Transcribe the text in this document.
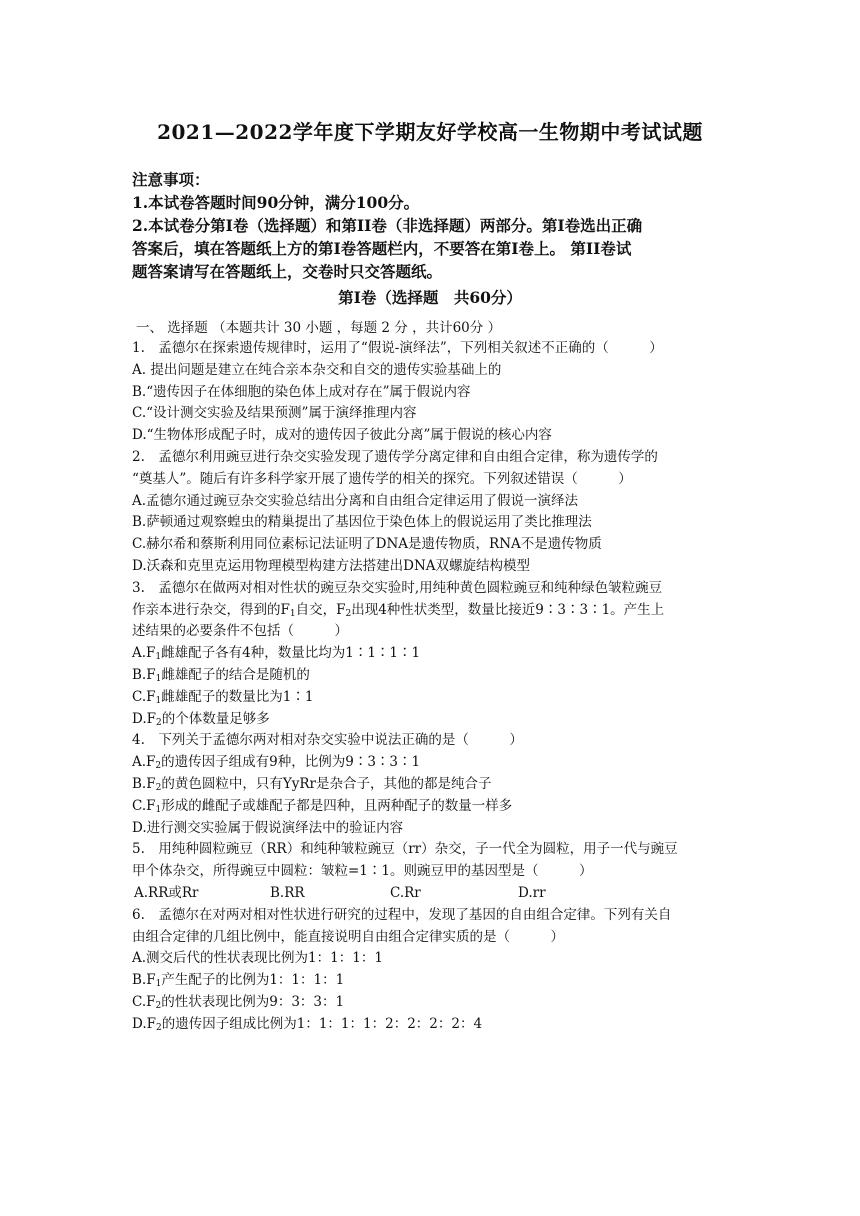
2021—2022学年度下学期友好学校高一生物期中考试试题
注意事项：
1.本试卷答题时间90分钟，满分100分。
2.本试卷分第Ⅰ卷（选择题）和第II卷（非选择题）两部分。第Ⅰ卷选出正确
答案后，填在答题纸上方的第Ⅰ卷答题栏内，不要答在第Ⅰ卷上。 第II卷试
题答案请写在答题纸上，交卷时只交答题纸。
第Ⅰ卷（选择题　共60分）
一、 选择题 （本题共计 30 小题 ，每题 2 分 ，共计60分 ）
1.　孟德尔在探索遗传规律时，运用了“假说-演绎法”，下列相关叙述不正确的（　　　）
A. 提出问题是建立在纯合亲本杂交和自交的遗传实验基础上的
B.“遗传因子在体细胞的染色体上成对存在”属于假说内容
C.“设计测交实验及结果预测”属于演绎推理内容
D.“生物体形成配子时，成对的遗传因子彼此分离”属于假说的核心内容
2.　孟德尔利用豌豆进行杂交实验发现了遗传学分离定律和自由组合定律，称为遗传学的
“奠基人”。随后有许多科学家开展了遗传学的相关的探究。下列叙述错误（　　　）
A.孟德尔通过豌豆杂交实验总结出分离和自由组合定律运用了假说一演绎法
B.萨顿通过观察蝗虫的精巢提出了基因位于染色体上的假说运用了类比推理法
C.赫尔希和蔡斯利用同位素标记法证明了DNA是遗传物质，RNA不是遗传物质
D.沃森和克里克运用物理模型构建方法搭建出DNA双螺旋结构模型
3.　孟德尔在做两对相对性状的豌豆杂交实验时,用纯种黄色圆粒豌豆和纯种绿色皱粒豌豆
作亲本进行杂交，得到的$F_1$自交，$F_2$出现4种性状类型，数量比接近9∶3∶3∶1。产生上
述结果的必要条件不包括（　　　）
$A.F_1$雌雄配子各有4种，数量比均为1∶1∶1∶1
$B.F_1$雌雄配子的结合是随机的
$C.F_1$雌雄配子的数量比为1∶1
$D.F_2$的个体数量足够多
4.　下列关于孟德尔两对相对杂交实验中说法正确的是（　　　）
$A.F_2$的遗传因子组成有9种，比例为9∶3∶3∶1
$B.F_2$的黄色圆粒中，只有YyRr是杂合子，其他的都是纯合子
$C.F_1$形成的雌配子或雄配子都是四种，且两种配子的数量一样多
D.进行测交实验属于假说演绎法中的验证内容
5.　用纯种圆粒豌豆（RR）和纯种皱粒豌豆（rr）杂交，子一代全为圆粒，用子一代与豌豆
甲个体杂交，所得豌豆中圆粒：皱粒=1∶1。则豌豆甲的基因型是（　　　）
A.RR或Rr	B.RR	C.Rr	D.rr
6.　孟德尔在对两对相对性状进行研究的过程中，发现了基因的自由组合定律。下列有关自
由组合定律的几组比例中，能直接说明自由组合定律实质的是（　　　）
A.测交后代的性状表现比例为1：1：1：1
$B.F_1$产生配子的比例为1：1：1：1
$C.F_2$的性状表现比例为9：3：3：1
$D.F_2$的遗传因子组成比例为1：1：1：1：2：2：2：2：4
